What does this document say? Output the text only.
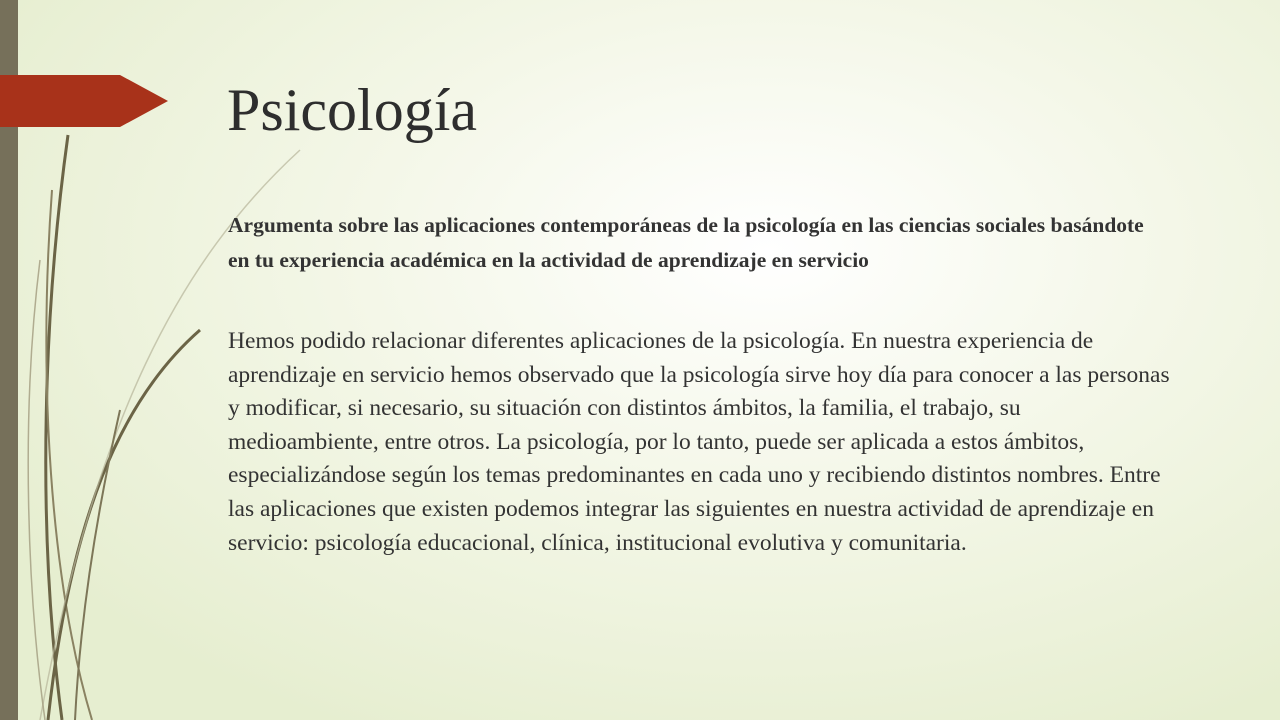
Psicología

Argumenta sobre las aplicaciones contemporáneas de la psicología en las ciencias sociales basándote en tu experiencia académica en la actividad de aprendizaje en servicio

Hemos podido relacionar diferentes aplicaciones de la psicología. En nuestra experiencia de aprendizaje en servicio hemos observado que la psicología sirve hoy día para conocer a las personas y modificar, si necesario, su situación con distintos ámbitos, la familia, el trabajo, su medioambiente, entre otros. La psicología, por lo tanto, puede ser aplicada a estos ámbitos, especializándose según los temas predominantes en cada uno y recibiendo distintos nombres. Entre las aplicaciones que existen podemos integrar las siguientes en nuestra actividad de aprendizaje en servicio: psicología educacional, clínica, institucional evolutiva y comunitaria.
